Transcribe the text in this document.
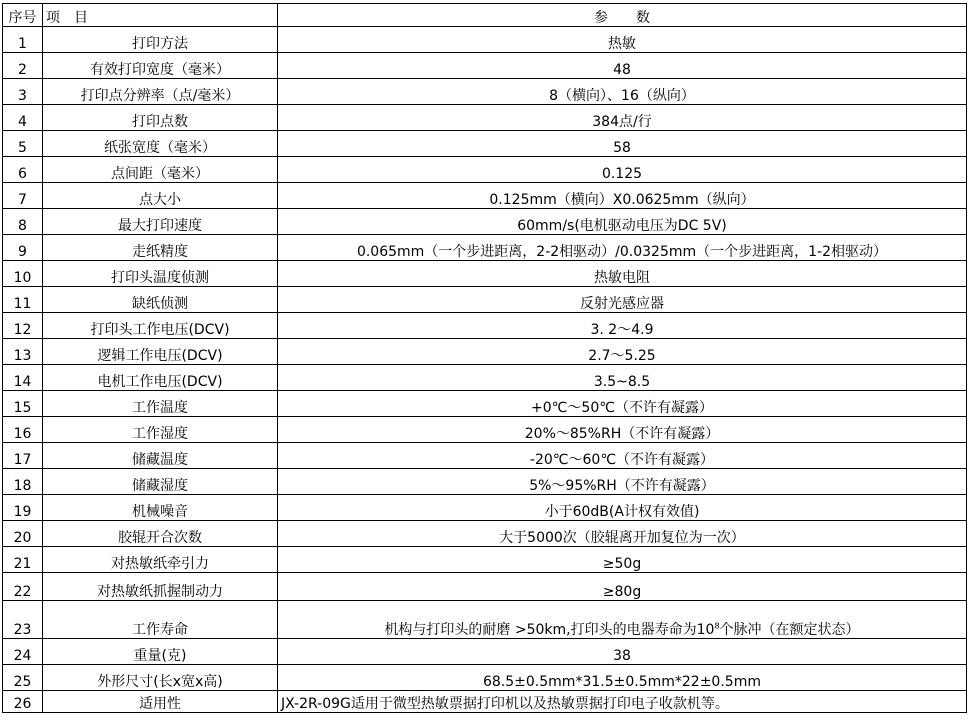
序号	项　目	参　　数
1	打印方法	热敏
2	有效打印宽度（毫米）	48
3	打印点分辨率（点/毫米）	8（横向）、16（纵向）
4	打印点数	384点/行
5	纸张宽度（毫米）	58
6	点间距（毫米）	0.125
7	点大小	0.125mm（横向）X0.0625mm（纵向）
8	最大打印速度	60mm/s(电机驱动电压为DC 5V)
9	走纸精度	0.065mm（一个步进距离，2-2相驱动）/0.0325mm（一个步进距离，1-2相驱动）
10	打印头温度侦测	热敏电阻
11	缺纸侦测	反射光感应器
12	打印头工作电压(DCV)	3. 2～4.9
13	逻辑工作电压(DCV)	2.7～5.25
14	电机工作电压(DCV)	3.5~8.5
15	工作温度	+0℃～50℃（不许有凝露）
16	工作湿度	20%～85%RH（不许有凝露）
17	储藏温度	-20℃～60℃（不许有凝露）
18	储藏湿度	5%～95%RH（不许有凝露）
19	机械噪音	小于60dB(A计权有效值)
20	胶辊开合次数	大于5000次（胶辊离开加复位为一次）
21	对热敏纸牵引力	≥50g
22	对热敏纸抓握制动力	≥80g
23	工作寿命	机构与打印头的耐磨 >50km,打印头的电器寿命为$10^8$个脉冲（在额定状态）
24	重量(克)	38
25	外形尺寸(长x宽x高)	68.5±0.5mm*31.5±0.5mm*22±0.5mm
26	适用性	JX-2R-09G适用于微型热敏票据打印机以及热敏票据打印电子收款机等。
